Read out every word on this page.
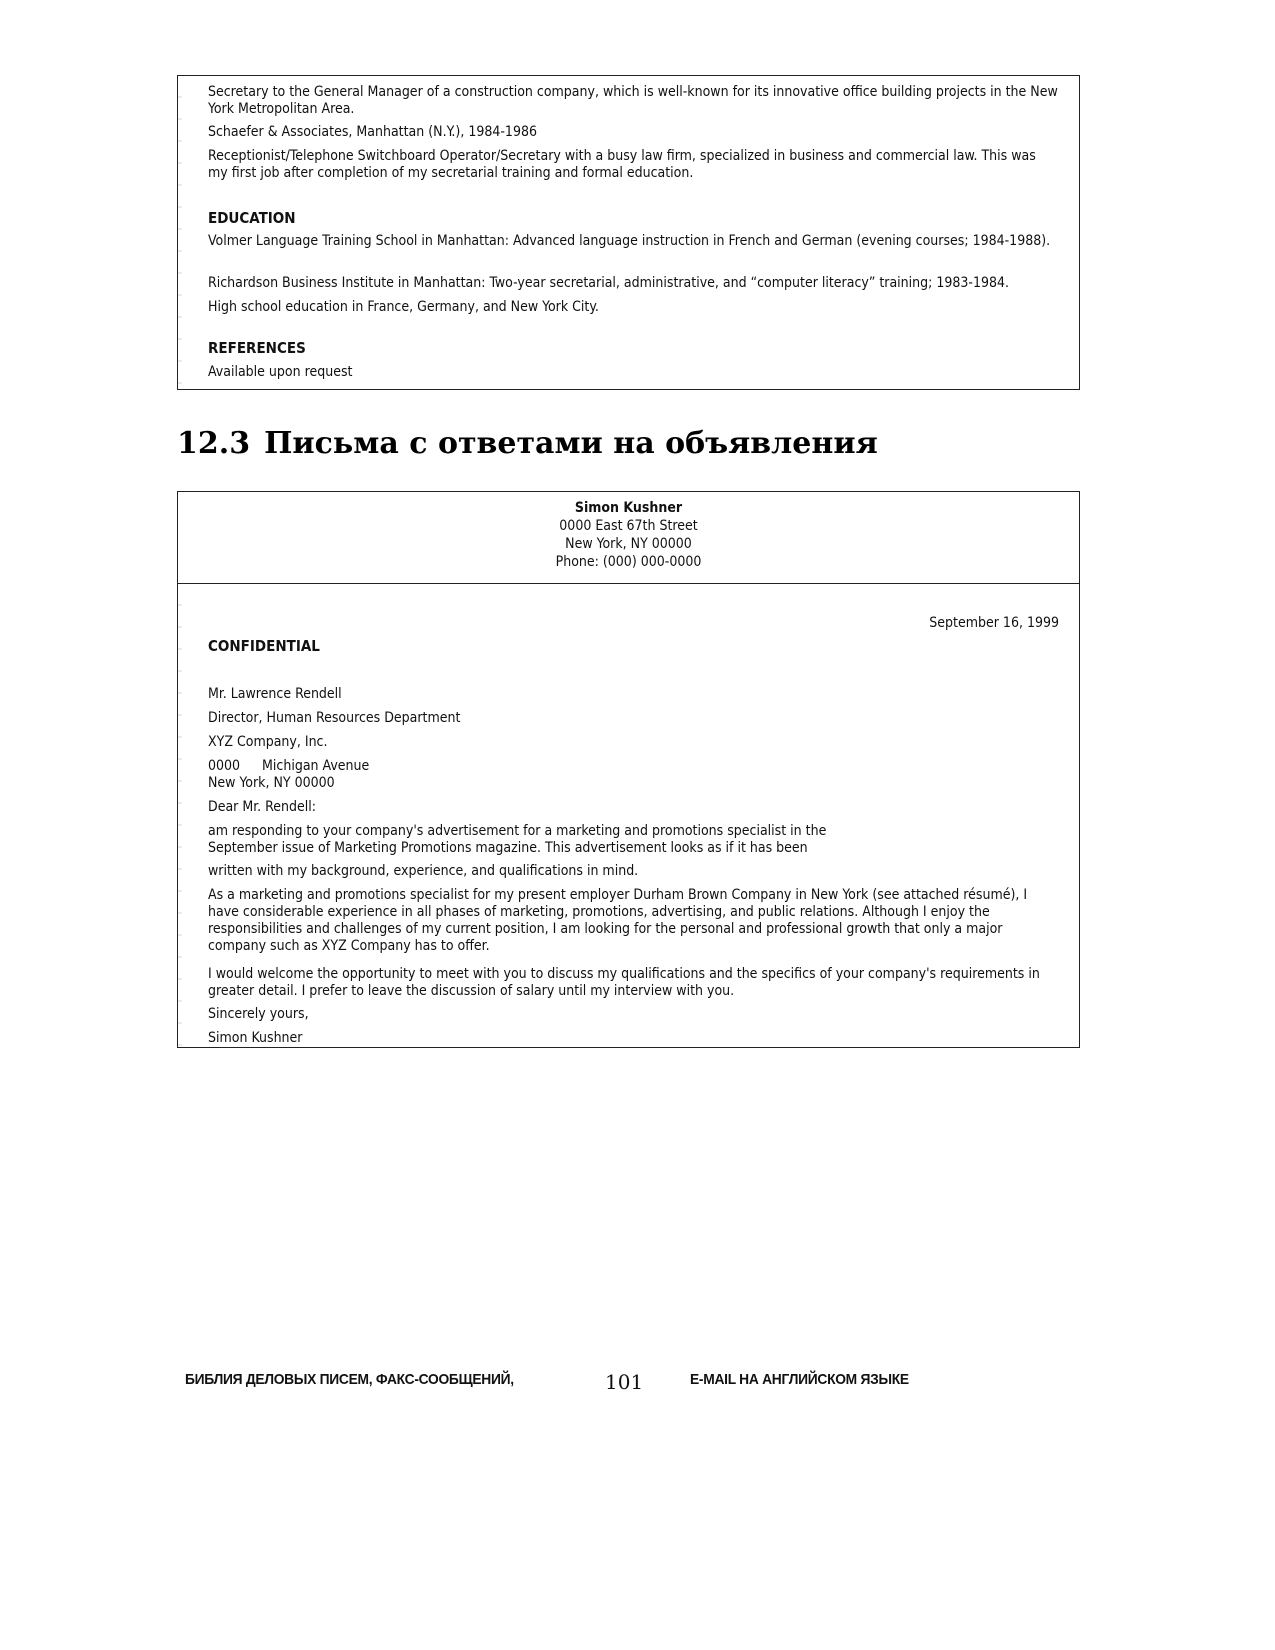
Secretary to the General Manager of a construction company, which is well-known for its innovative office building projects in the New York Metropolitan Area.

Schaefer & Associates, Manhattan (N.Y.), 1984-1986

Receptionist/Telephone Switchboard Operator/Secretary with a busy law firm, specialized in business and commercial law. This was my first job after completion of my secretarial training and formal education.

EDUCATION

Volmer Language Training School in Manhattan: Advanced language instruction in French and German (evening courses; 1984-1988).

Richardson Business Institute in Manhattan: Two-year secretarial, administrative, and “computer literacy” training; 1983-1984.

High school education in France, Germany, and New York City.

REFERENCES

Available upon request

12.3 Письма с ответами на объявления

Simon Kushner

0000 East 67th Street

New York, NY 00000

Phone: (000) 000-0000

September 16, 1999

CONFIDENTIAL

Mr. Lawrence Rendell

Director, Human Resources Department

XYZ Company, Inc.

0000 Michigan Avenue

New York, NY 00000

Dear Mr. Rendell:

am responding to your company's advertisement for a marketing and promotions specialist in the

September issue of Marketing Promotions magazine. This advertisement looks as if it has been

written with my background, experience, and qualifications in mind.

As a marketing and promotions specialist for my present employer Durham Brown Company in New York (see attached résumé), I have considerable experience in all phases of marketing, promotions, advertising, and public relations. Although I enjoy the responsibilities and challenges of my current position, I am looking for the personal and professional growth that only a major company such as XYZ Company has to offer.

I would welcome the opportunity to meet with you to discuss my qualifications and the specifics of your company's requirements in greater detail. I prefer to leave the discussion of salary until my interview with you.

Sincerely yours,

Simon Kushner

БИБЛИЯ ДЕЛОВЫХ ПИСЕМ, ФАКС-СООБЩЕНИЙ,	101	E-MAIL НА АНГЛИЙСКОМ ЯЗЫКЕ
